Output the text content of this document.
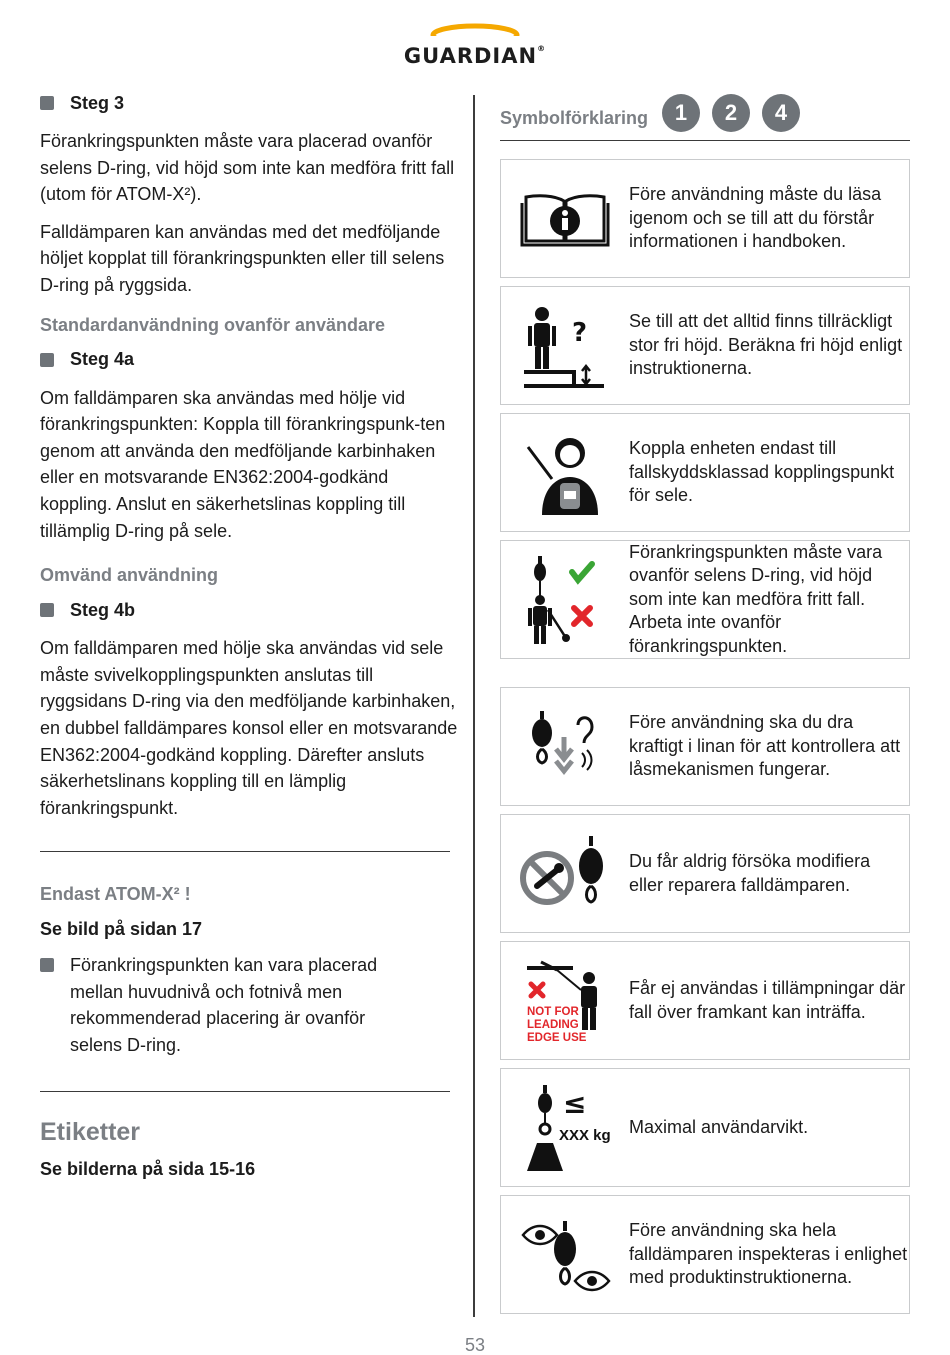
GUARDIAN®
Steg 3

Förankringspunkten måste vara placerad ovanför selens D-ring, vid höjd som inte kan medföra fritt fall (utom för ATOM-X²).

Falldämparen kan användas med det medföljande höljet kopplat till förankringspunkten eller till selens D-ring på ryggsida.

Standardanvändning ovanför användare
Steg 4a

Om falldämparen ska användas med hölje vid förankringspunkten: Koppla till förankringspunk-ten genom att använda den medföljande karbinhaken eller en motsvarande EN362:2004-godkänd koppling. Anslut en säkerhetslinas koppling till tillämplig D-ring på sele.

Omvänd användning
Steg 4b

Om falldämparen med hölje ska användas vid sele måste svivelkopplingspunkten anslutas till ryggsidans D-ring via den medföljande karbinhaken, en dubbel falldämpares konsol eller en motsvarande EN362:2004-godkänd koppling. Därefter ansluts säkerhetslinans koppling till en lämplig förankringspunkt.

Endast ATOM-X² !
Se bild på sidan 17
Förankringspunkten kan vara placerad mellan huvudnivå och fotnivå men rekommenderad placering är ovanför selens D-ring.
Etiketter
Se bilderna på sida 15-16
Symbolförklaring	1	2	4
Före användning måste du läsa igenom och se till att du förstår informationen i handboken.
? Se till att det alltid finns tillräckligt stor fri höjd. Beräkna fri höjd enligt instruktionerna.
Koppla enheten endast till fallskyddsklassad kopplingspunkt för sele.
Förankringspunkten måste vara ovanför selens D-ring, vid höjd som inte kan medföra fritt fall. Arbeta inte ovanför förankringspunkten.
Före användning ska du dra kraftigt i linan för att kontrollera att låsmekanismen fungerar.
Du får aldrig försöka modifiera eller reparera falldämparen.
NOT FOR
LEADING
EDGE USE
Får ej användas i tillämpningar där fall över framkant kan inträffa.
≤
XXX kg Maximal användarvikt.
Före användning ska hela falldämparen inspekteras i enlighet med produktinstruktionerna.
53
